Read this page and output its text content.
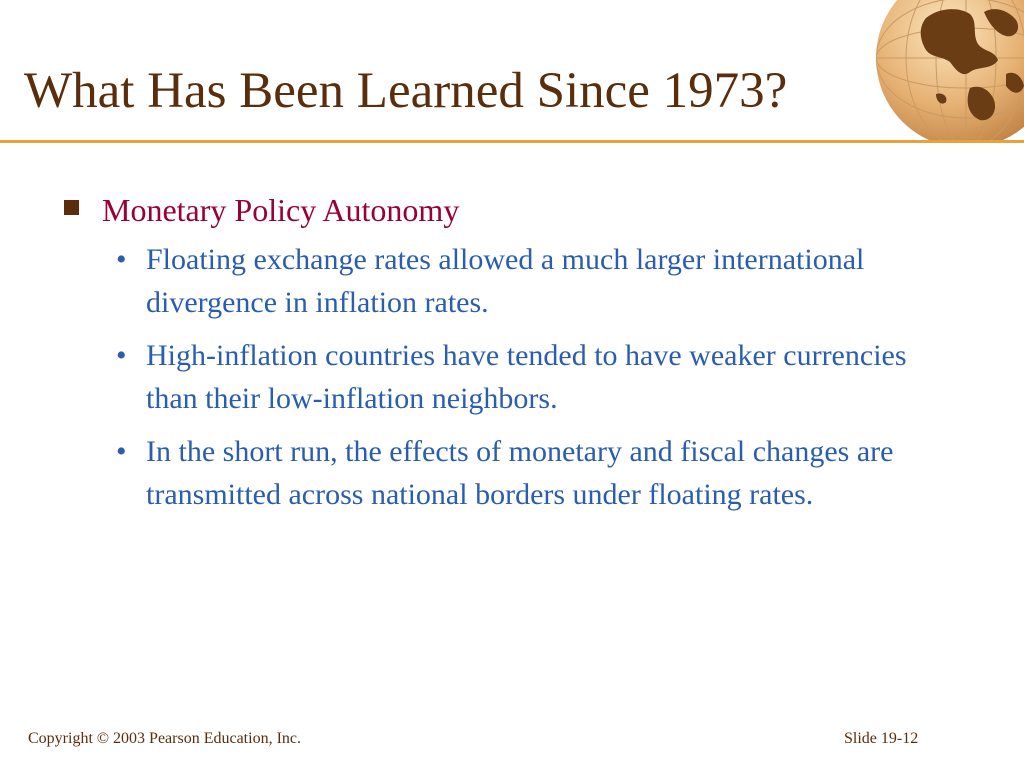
What Has Been Learned Since 1973?
Monetary Policy Autonomy
• Floating exchange rates allowed a much larger international divergence in inflation rates.
• High-inflation countries have tended to have weaker currencies than their low-inflation neighbors.
• In the short run, the effects of monetary and fiscal changes are transmitted across national borders under floating rates.
Copyright © 2003 Pearson Education, Inc.	Slide 19-12
